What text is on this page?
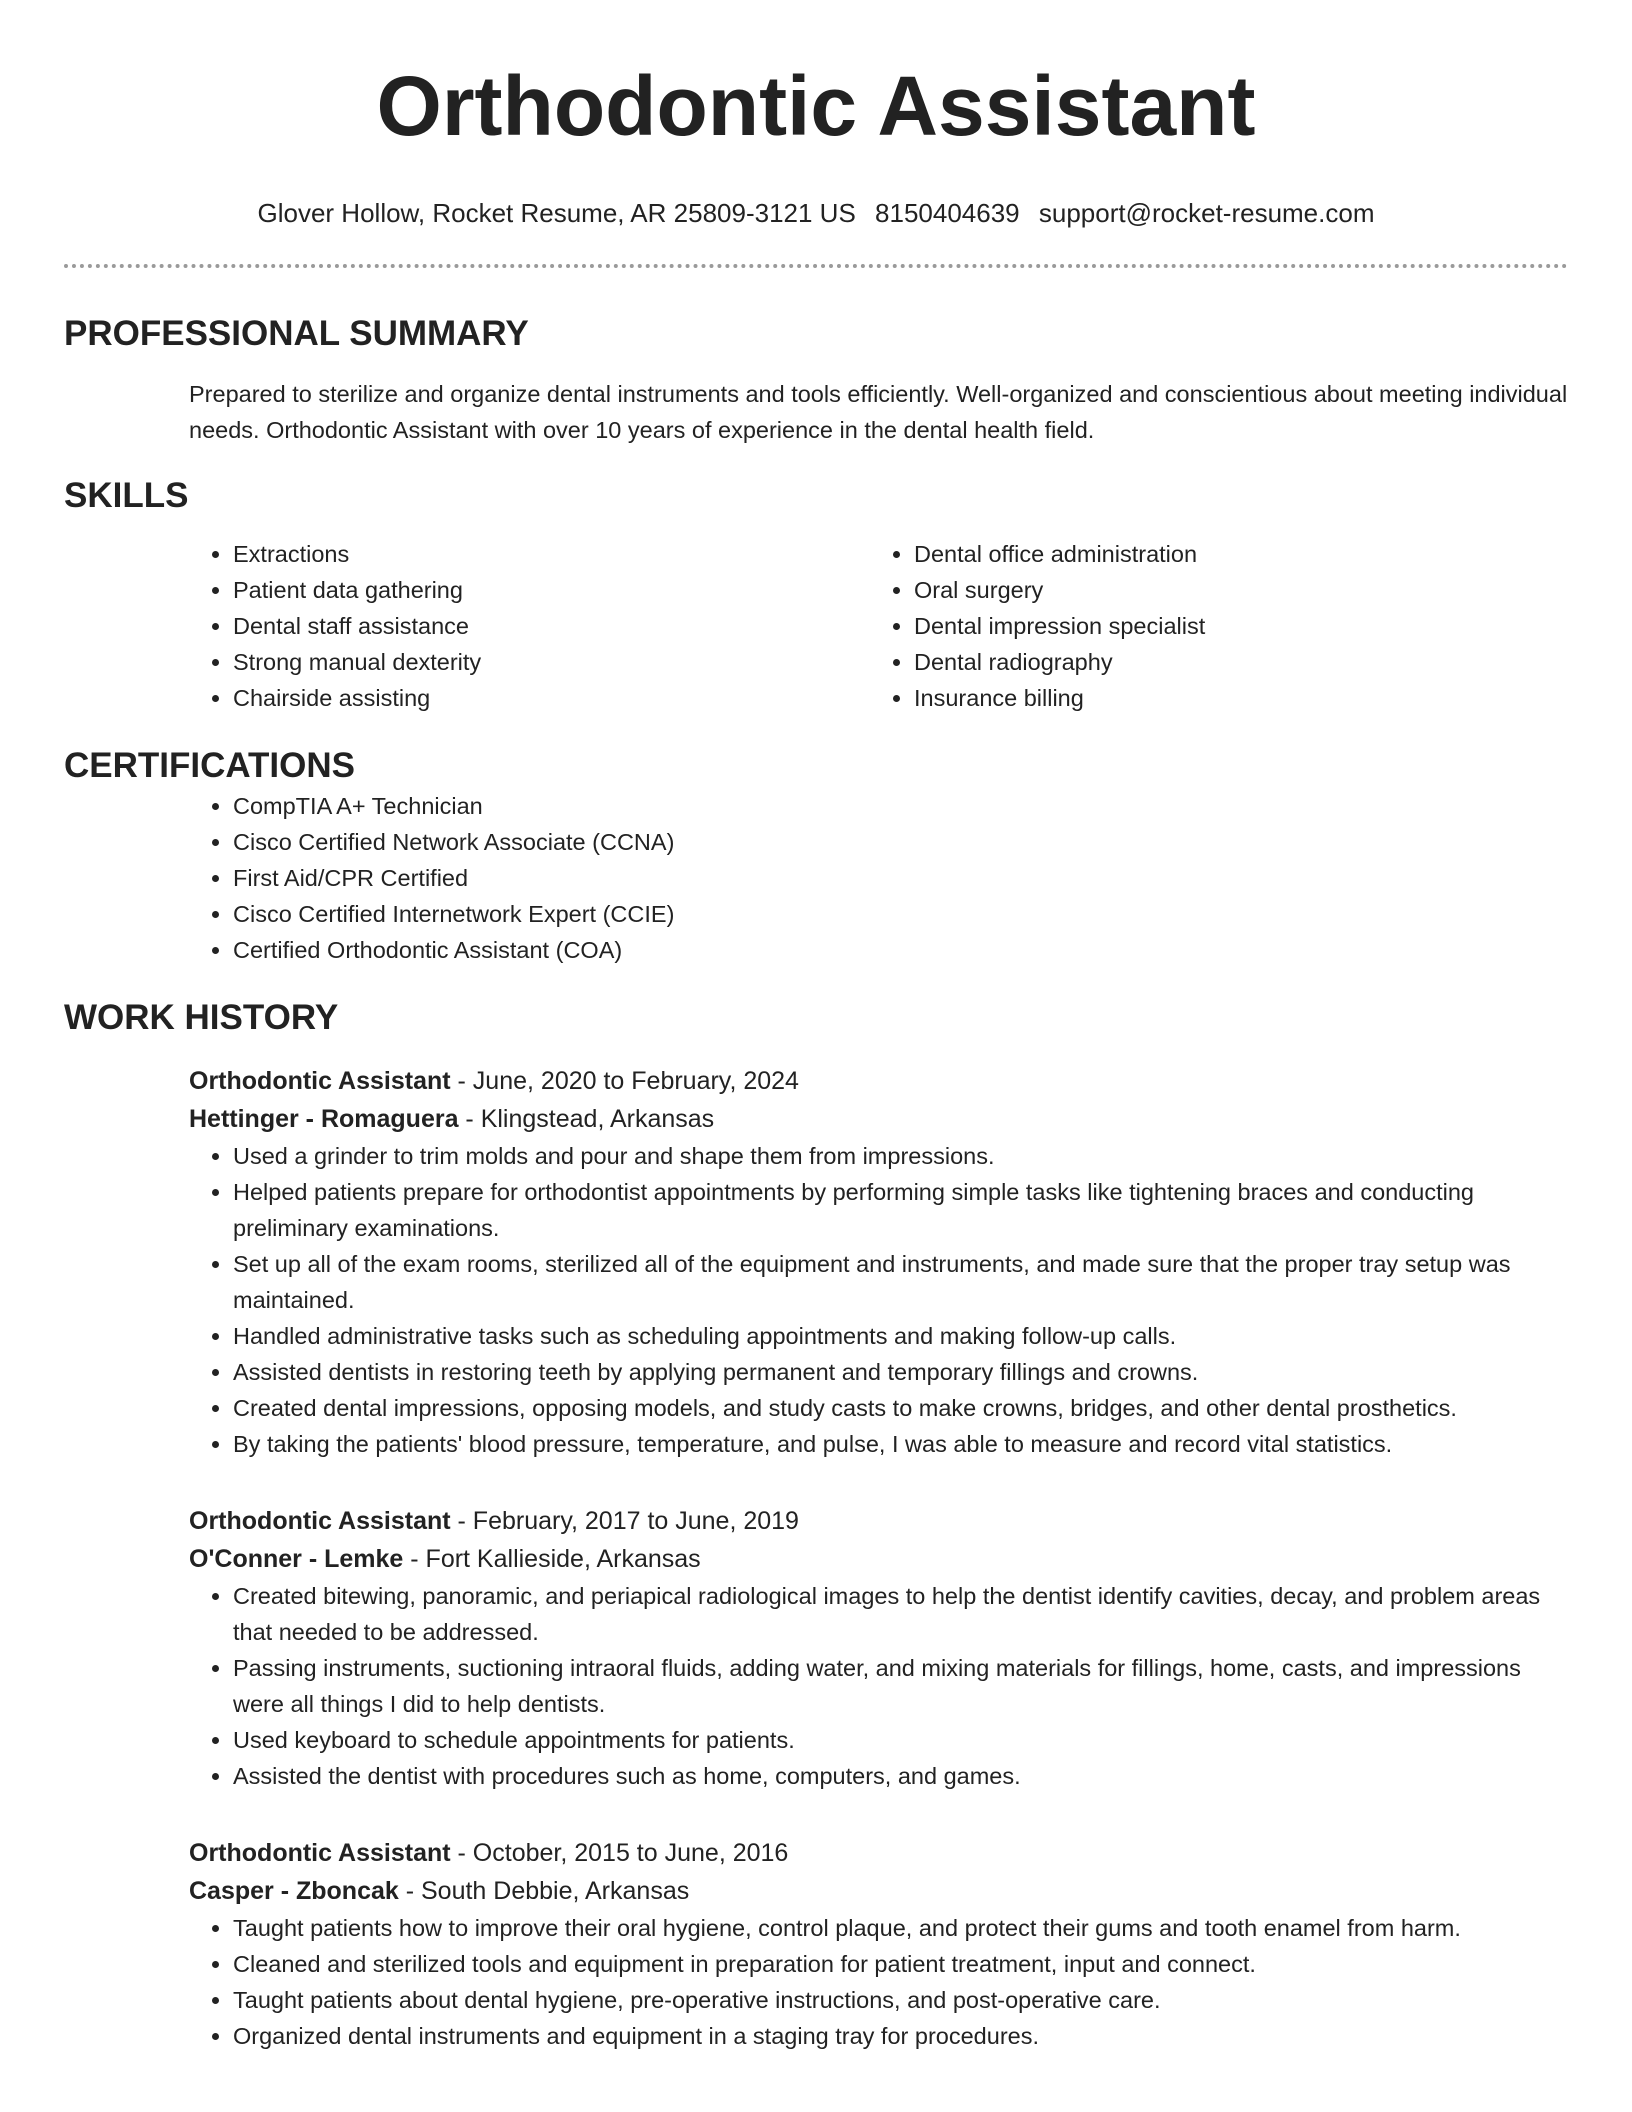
Orthodontic Assistant
Glover Hollow, Rocket Resume, AR 25809-3121 US 8150404639 support@rocket-resume.com
PROFESSIONAL SUMMARY

Prepared to sterilize and organize dental instruments and tools efficiently. Well-organized and conscientious about meeting individual needs. Orthodontic Assistant with over 10 years of experience in the dental health field.

SKILLS
• Extractions
• Patient data gathering
• Dental staff assistance
• Strong manual dexterity
• Chairside assisting
• Dental office administration
• Oral surgery
• Dental impression specialist
• Dental radiography
• Insurance billing
CERTIFICATIONS
• CompTIA A+ Technician
• Cisco Certified Network Associate (CCNA)
• First Aid/CPR Certified
• Cisco Certified Internetwork Expert (CCIE)
• Certified Orthodontic Assistant (COA)
WORK HISTORY
Orthodontic Assistant - June, 2020 to February, 2024
Hettinger - Romaguera - Klingstead, Arkansas
• Used a grinder to trim molds and pour and shape them from impressions.
• Helped patients prepare for orthodontist appointments by performing simple tasks like tightening braces and conducting preliminary examinations.
• Set up all of the exam rooms, sterilized all of the equipment and instruments, and made sure that the proper tray setup was maintained.
• Handled administrative tasks such as scheduling appointments and making follow-up calls.
• Assisted dentists in restoring teeth by applying permanent and temporary fillings and crowns.
• Created dental impressions, opposing models, and study casts to make crowns, bridges, and other dental prosthetics.
• By taking the patients' blood pressure, temperature, and pulse, I was able to measure and record vital statistics.
Orthodontic Assistant - February, 2017 to June, 2019
O'Conner - Lemke - Fort Kallieside, Arkansas
• Created bitewing, panoramic, and periapical radiological images to help the dentist identify cavities, decay, and problem areas that needed to be addressed.
• Passing instruments, suctioning intraoral fluids, adding water, and mixing materials for fillings, home, casts, and impressions were all things I did to help dentists.
• Used keyboard to schedule appointments for patients.
• Assisted the dentist with procedures such as home, computers, and games.
Orthodontic Assistant - October, 2015 to June, 2016
Casper - Zboncak - South Debbie, Arkansas
• Taught patients how to improve their oral hygiene, control plaque, and protect their gums and tooth enamel from harm.
• Cleaned and sterilized tools and equipment in preparation for patient treatment, input and connect.
• Taught patients about dental hygiene, pre-operative instructions, and post-operative care.
• Organized dental instruments and equipment in a staging tray for procedures.
